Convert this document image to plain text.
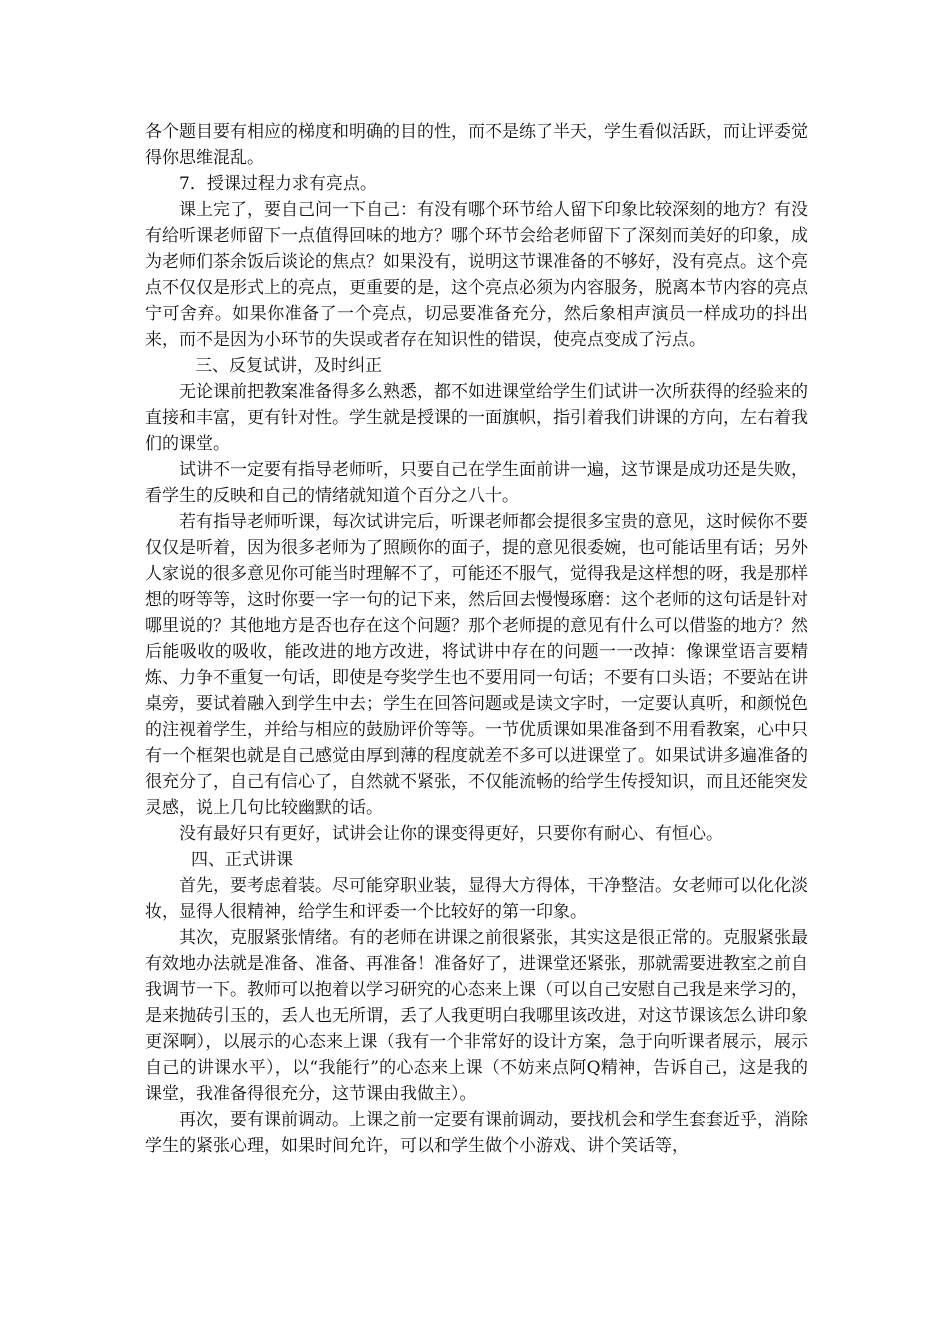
各个题目要有相应的梯度和明确的目的性，而不是练了半天，学生看似活跃，而让评委觉得你思维混乱。

7．授课过程力求有亮点。

课上完了，要自己问一下自己：有没有哪个环节给人留下印象比较深刻的地方？有没有给听课老师留下一点值得回味的地方？哪个环节会给老师留下了深刻而美好的印象，成为老师们茶余饭后谈论的焦点？如果没有，说明这节课准备的不够好，没有亮点。这个亮点不仅仅是形式上的亮点，更重要的是，这个亮点必须为内容服务，脱离本节内容的亮点宁可舍弃。如果你准备了一个亮点，切忌要准备充分，然后象相声演员一样成功的抖出来，而不是因为小环节的失误或者存在知识性的错误，使亮点变成了污点。

三、反复试讲，及时纠正

无论课前把教案准备得多么熟悉，都不如进课堂给学生们试讲一次所获得的经验来的直接和丰富，更有针对性。学生就是授课的一面旗帜，指引着我们讲课的方向，左右着我们的课堂。

试讲不一定要有指导老师听，只要自己在学生面前讲一遍，这节课是成功还是失败，看学生的反映和自己的情绪就知道个百分之八十。

若有指导老师听课，每次试讲完后，听课老师都会提很多宝贵的意见，这时候你不要仅仅是听着，因为很多老师为了照顾你的面子，提的意见很委婉，也可能话里有话；另外人家说的很多意见你可能当时理解不了，可能还不服气，觉得我是这样想的呀，我是那样想的呀等等，这时你要一字一句的记下来，然后回去慢慢琢磨：这个老师的这句话是针对哪里说的？其他地方是否也存在这个问题？那个老师提的意见有什么可以借鉴的地方？然后能吸收的吸收，能改进的地方改进，将试讲中存在的问题一一改掉：像课堂语言要精炼、力争不重复一句话，即使是夸奖学生也不要用同一句话；不要有口头语；不要站在讲桌旁，要试着融入到学生中去；学生在回答问题或是读文字时，一定要认真听，和颜悦色的注视着学生，并给与相应的鼓励评价等等。一节优质课如果准备到不用看教案，心中只有一个框架也就是自己感觉由厚到薄的程度就差不多可以进课堂了。如果试讲多遍准备的很充分了，自己有信心了，自然就不紧张，不仅能流畅的给学生传授知识，而且还能突发灵感，说上几句比较幽默的话。

没有最好只有更好，试讲会让你的课变得更好，只要你有耐心、有恒心。

四、正式讲课

首先，要考虑着装。尽可能穿职业装，显得大方得体，干净整洁。女老师可以化化淡妆，显得人很精神，给学生和评委一个比较好的第一印象。

其次，克服紧张情绪。有的老师在讲课之前很紧张，其实这是很正常的。克服紧张最有效地办法就是准备、准备、再准备！准备好了，进课堂还紧张，那就需要进教室之前自我调节一下。教师可以抱着以学习研究的心态来上课（可以自己安慰自己我是来学习的，是来抛砖引玉的，丢人也无所谓，丢了人我更明白我哪里该改进，对这节课该怎么讲印象更深啊），以展示的心态来上课（我有一个非常好的设计方案，急于向听课者展示，展示自己的讲课水平），以“我能行”的心态来上课（不妨来点阿Q精神，告诉自己，这是我的课堂，我准备得很充分，这节课由我做主）。

再次，要有课前调动。上课之前一定要有课前调动，要找机会和学生套套近乎，消除学生的紧张心理，如果时间允许，可以和学生做个小游戏、讲个笑话等，
